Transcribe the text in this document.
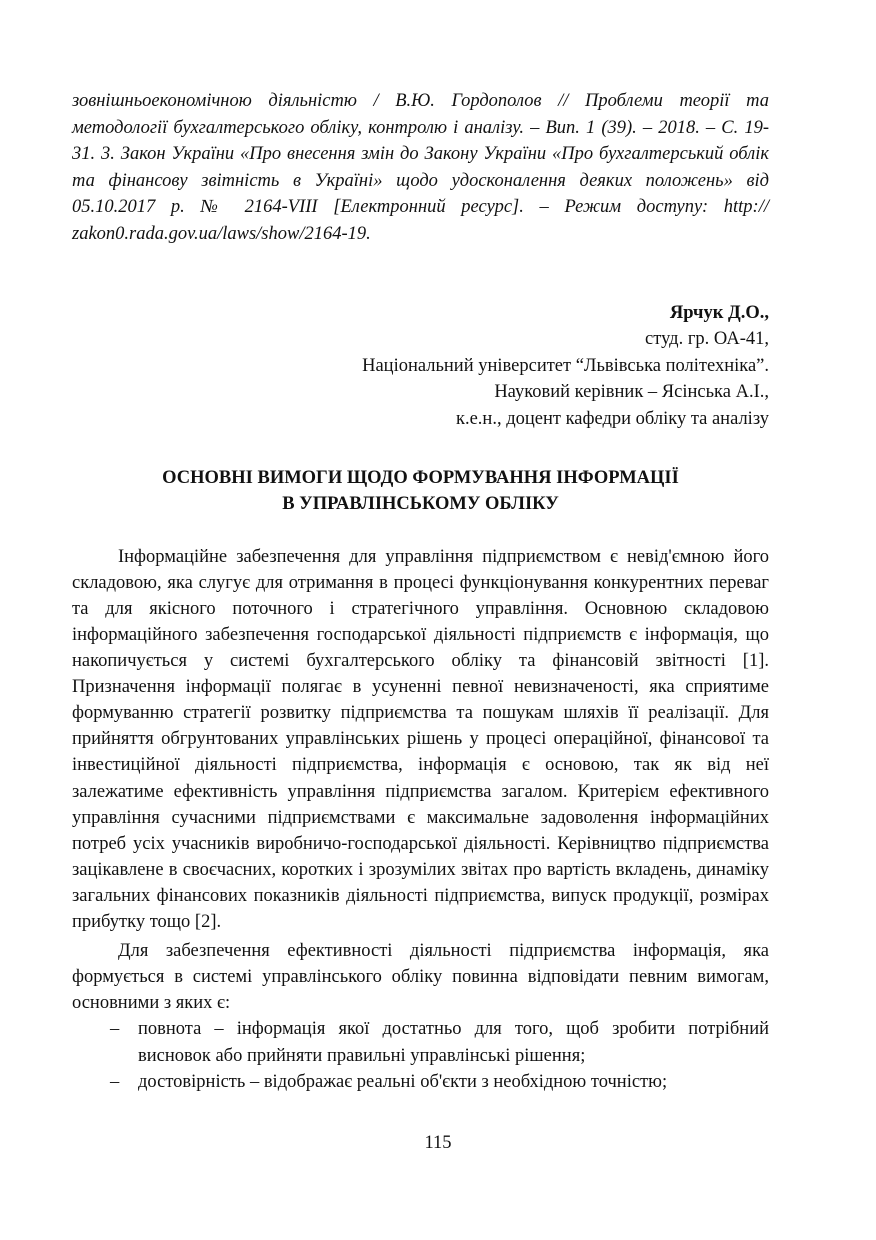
зовнішньоекономічною діяльністю / В.Ю. Гордополов // Проблеми теорії та методології бухгалтерського обліку, контролю і аналізу. – Вип. 1 (39). – 2018. – С. 19-31. 3. Закон України «Про внесення змін до Закону України «Про бухгалтерський облік та фінансову звітність в Україні» щодо удосконалення деяких положень» від 05.10.2017 р. № 2164-VIII [Електронний ресурс]. – Режим доступу: http:// zakon0.rada.gov.ua/laws/show/2164-19.

Ярчук Д.О.,
студ. гр. ОА-41,
Національний університет “Львівська політехніка”.
Науковий керівник – Ясінська А.І.,
к.е.н., доцент кафедри обліку та аналізу
ОСНОВНІ ВИМОГИ ЩОДО ФОРМУВАННЯ ІНФОРМАЦІЇ
В УПРАВЛІНСЬКОМУ ОБЛІКУ

Інформаційне забезпечення для управління підприємством є невід'ємною його складовою, яка слугує для отримання в процесі функціонування конкурентних переваг та для якісного поточного і стратегічного управління. Основною складовою інформаційного забезпечення господарської діяльності підприємств є інформація, що накопичується у системі бухгалтерського обліку та фінансовій звітності [1]. Призначення інформації полягає в усуненні певної невизначеності, яка сприятиме формуванню стратегії розвитку підприємства та пошукам шляхів її реалізації. Для прийняття обгрунтованих управлінських рішень у процесі операційної, фінансової та інвестиційної діяльності підприємства, інформація є основою, так як від неї залежатиме ефективність управління підприємства загалом. Критерієм ефективного управління сучасними підприємствами є максимальне задоволення інформаційних потреб усіх учасників виробничо-господарської діяльності. Керівництво підприємства зацікавлене в своєчасних, коротких і зрозумілих звітах про вартість вкладень, динаміку загальних фінансових показників діяльності підприємства, випуск продукції, розмірах прибутку тощо [2].

Для забезпечення ефективності діяльності підприємства інформація, яка формується в системі управлінського обліку повинна відповідати певним вимогам, основними з яких є:

– повнота – інформація якої достатньо для того, щоб зробити потрібний висновок або прийняти правильні управлінські рішення;
– достовірність – відображає реальні об'єкти з необхідною точністю;
115
